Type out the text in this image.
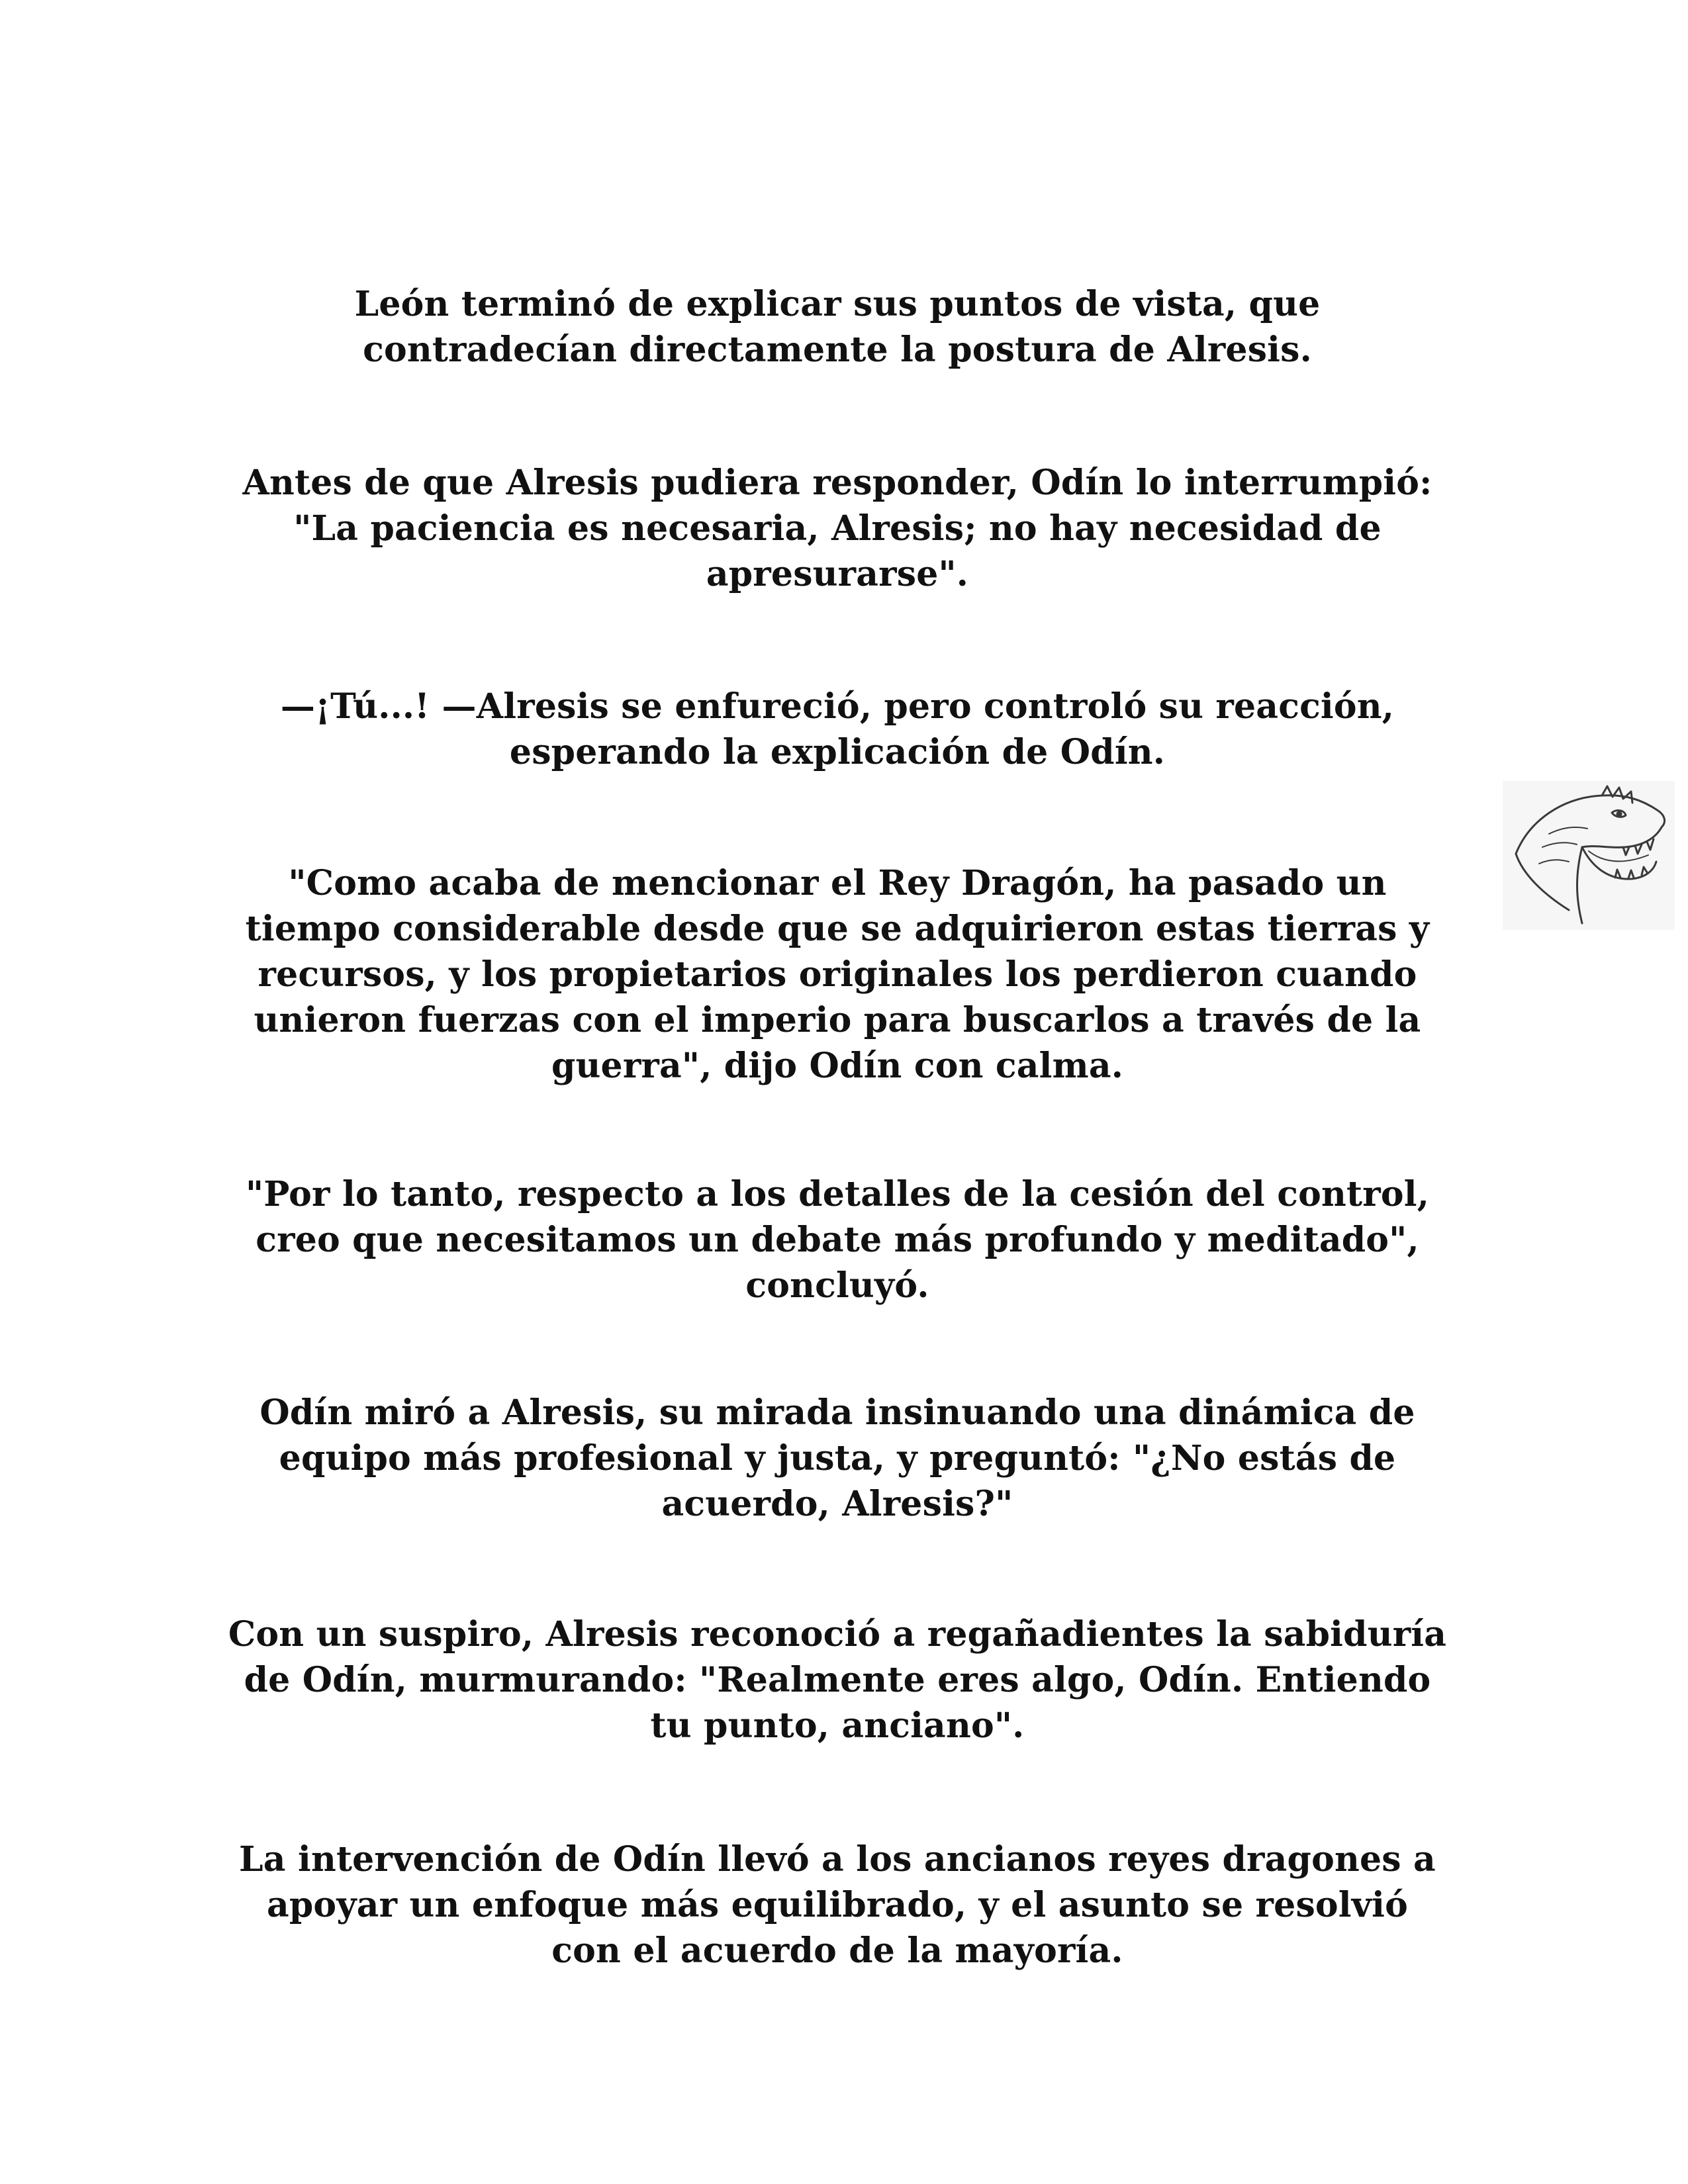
León terminó de explicar sus puntos de vista, que
contradecían directamente la postura de Alresis.

Antes de que Alresis pudiera responder, Odín lo interrumpió:
"La paciencia es necesaria, Alresis; no hay necesidad de
apresurarse".

—¡Tú...! —Alresis se enfureció, pero controló su reacción,
esperando la explicación de Odín.

"Como acaba de mencionar el Rey Dragón, ha pasado un
tiempo considerable desde que se adquirieron estas tierras y
recursos, y los propietarios originales los perdieron cuando
unieron fuerzas con el imperio para buscarlos a través de la
guerra", dijo Odín con calma.

"Por lo tanto, respecto a los detalles de la cesión del control,
creo que necesitamos un debate más profundo y meditado",
concluyó.

Odín miró a Alresis, su mirada insinuando una dinámica de
equipo más profesional y justa, y preguntó: "¿No estás de
acuerdo, Alresis?"

Con un suspiro, Alresis reconoció a regañadientes la sabiduría
de Odín, murmurando: "Realmente eres algo, Odín. Entiendo
tu punto, anciano".

La intervención de Odín llevó a los ancianos reyes dragones a
apoyar un enfoque más equilibrado, y el asunto se resolvió
con el acuerdo de la mayoría.
